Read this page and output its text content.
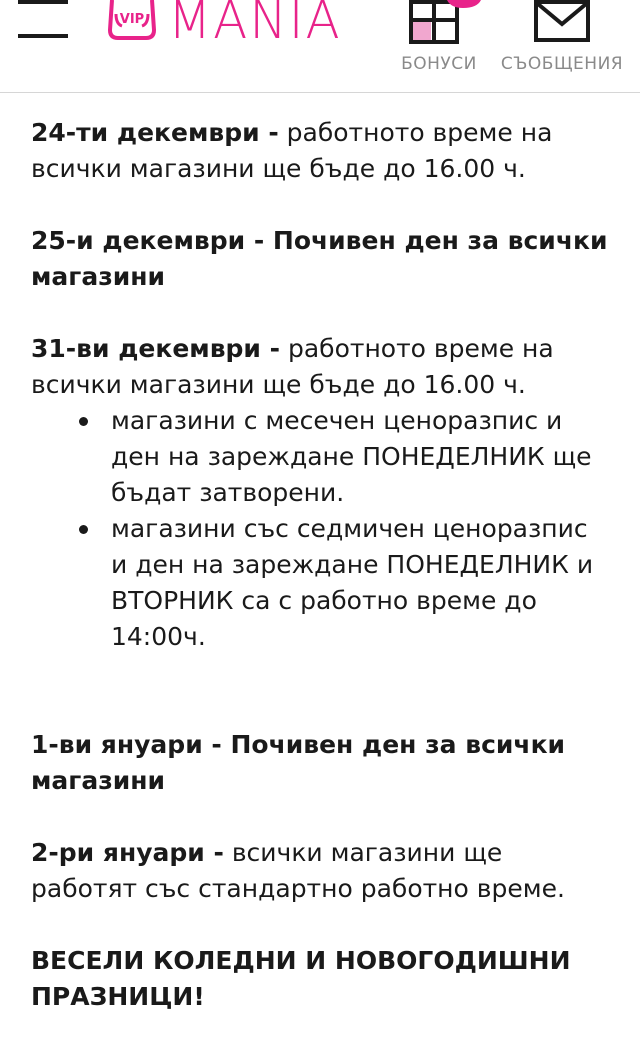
VIP MANIA
БОНУСИ СЪОБЩЕНИЯ

24-ти декември - работното време на всички магазини ще бъде до 16.00 ч.

25-и декември - Почивен ден за всички магазини

31-ви декември - работното време на всички магазини ще бъде до 16.00 ч.

магазини с месечен ценоразпис и ден на зареждане ПОНЕДЕЛНИК ще бъдат затворени.
магазини със седмичен ценоразпис и ден на зареждане ПОНЕДЕЛНИК и ВТОРНИК са с работно време до 14:00ч.

1-ви януари - Почивен ден за всички магазини

2-ри януари - всички магазини ще работят със стандартно работно време.

ВЕСЕЛИ КОЛЕДНИ И НОВОГОДИШНИ ПРАЗНИЦИ!
